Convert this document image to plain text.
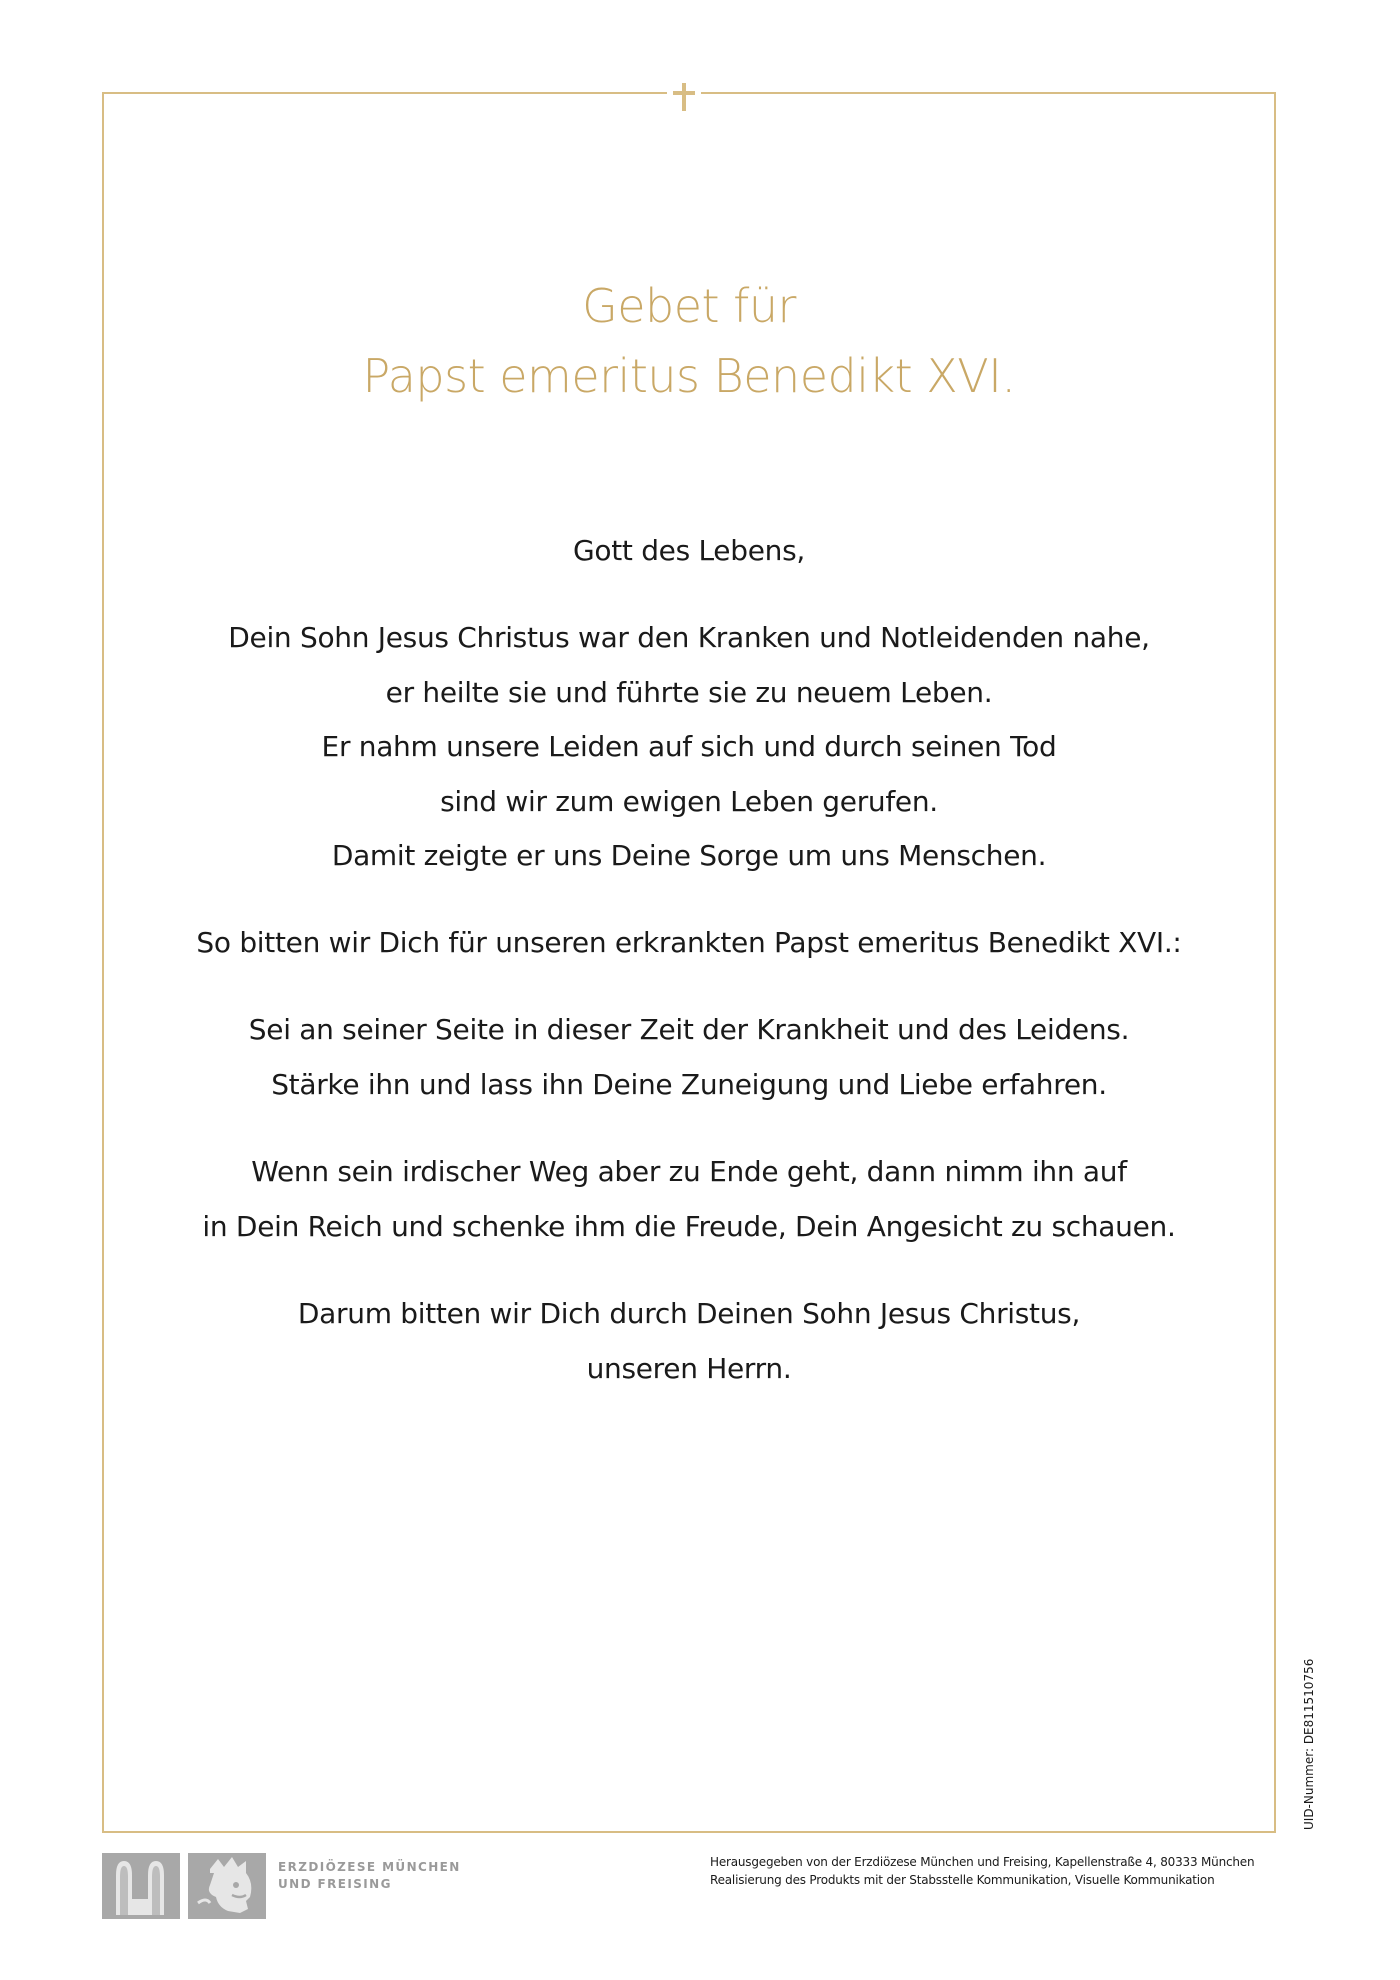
Gebet für
Papst emeritus Benedikt XVI.
Gott des Lebens,
Dein Sohn Jesus Christus war den Kranken und Notleidenden nahe,
er heilte sie und führte sie zu neuem Leben.
Er nahm unsere Leiden auf sich und durch seinen Tod
sind wir zum ewigen Leben gerufen.
Damit zeigte er uns Deine Sorge um uns Menschen.
So bitten wir Dich für unseren erkrankten Papst emeritus Benedikt XVI.:
Sei an seiner Seite in dieser Zeit der Krankheit und des Leidens.
Stärke ihn und lass ihn Deine Zuneigung und Liebe erfahren.
Wenn sein irdischer Weg aber zu Ende geht, dann nimm ihn auf
in Dein Reich und schenke ihm die Freude, Dein Angesicht zu schauen.
Darum bitten wir Dich durch Deinen Sohn Jesus Christus,
unseren Herrn.
UID-Nummer: DE811510756
ERZDIÖZESE MÜNCHEN
UND FREISING
Herausgegeben von der Erzdiözese München und Freising, Kapellenstraße 4, 80333 München
Realisierung des Produkts mit der Stabsstelle Kommunikation, Visuelle Kommunikation
